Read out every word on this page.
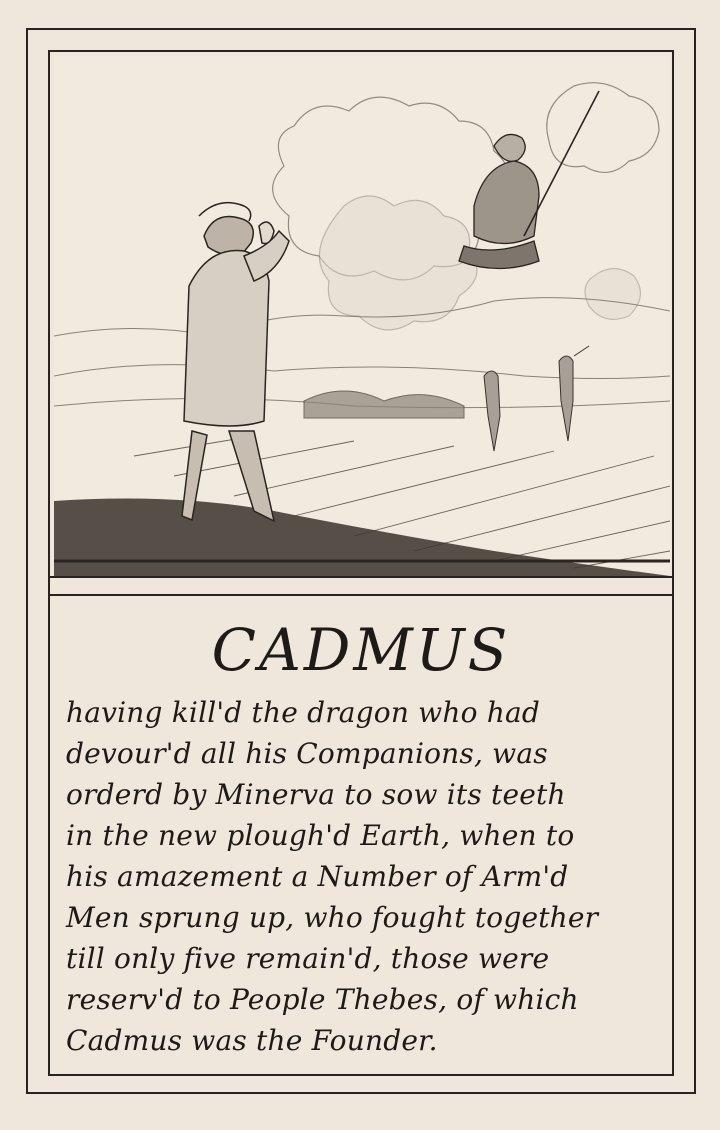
CADMUS
having kill'd the dragon who had
devour'd all his Companions, was
orderd by Minerva to sow its teeth
in the new plough'd Earth, when to
his amazement a Number of Arm'd
Men sprung up, who fought together
till only five remain'd, those were
reserv'd to People Thebes, of which
Cadmus was the Founder.
